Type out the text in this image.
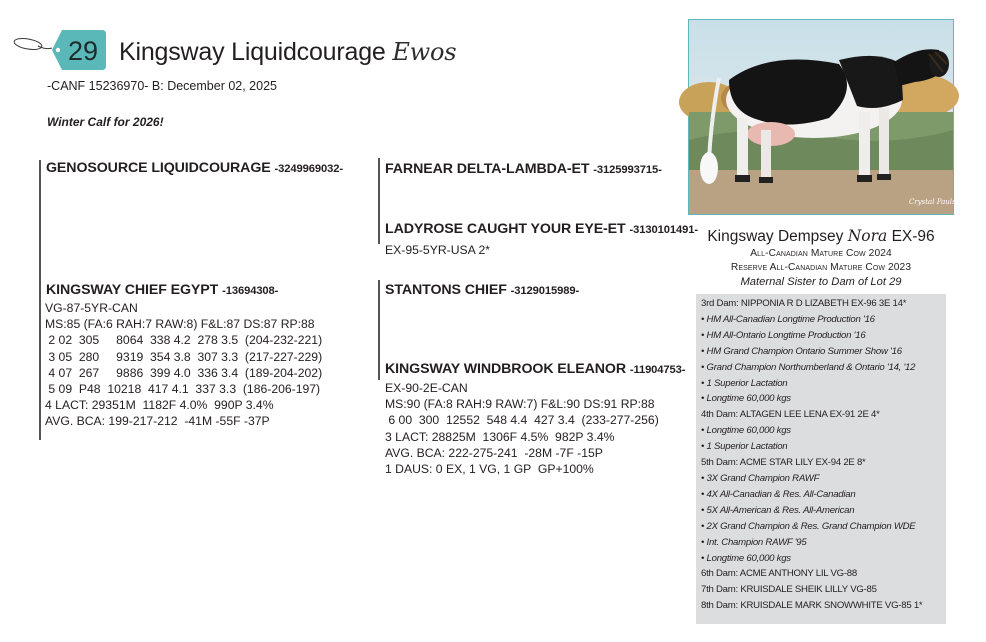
29 Kingsway Liquidcourage Ewos
-CANF 15236970- B: December 02, 2025
Winter Calf for 2026!
GENOSOURCE LIQUIDCOURAGE -3249969032-	FARNEAR DELTA-LAMBDA-ET -3125993715-
LADYROSE CAUGHT YOUR EYE-ET -3130101491-
EX-95-5YR-USA 2*
KINGSWAY CHIEF EGYPT -13694308-
VG-87-5YR-CAN
MS:85 (FA:6 RAH:7 RAW:8) F&L:87 DS:87 RP:88
2 02  305     8064  338 4.2  278 3.5  (204-232-221)
3 05  280     9319  354 3.8  307 3.3  (217-227-229)
4 07  267     9886  399 4.0  336 3.4  (189-204-202)
5 09  P48  10218  417 4.1  337 3.3  (186-206-197)
4 LACT: 29351M  1182F 4.0%  990P 3.4%
AVG. BCA: 199-217-212  -41M -55F -37P
STANTONS CHIEF -3129015989-
KINGSWAY WINDBROOK ELEANOR -11904753-
EX-90-2E-CAN
MS:90 (FA:8 RAH:9 RAW:7) F&L:90 DS:91 RP:88
6 00  300  12552  548 4.4  427 3.4  (233-277-256)
3 LACT: 28825M  1306F 4.5%  982P 3.4%
AVG. BCA: 222-275-241  -28M -7F -15P
1 DAUS: 0 EX, 1 VG, 1 GP  GP+100%
Crystal Paulson
Kingsway Dempsey Nora EX-96
All-Canadian Mature Cow 2024
Reserve All-Canadian Mature Cow 2023
Maternal Sister to Dam of Lot 29
3rd Dam: NIPPONIA R D LIZABETH EX-96 3E 14*
• HM All-Canadian Longtime Production '16
• HM All-Ontario Longtime Production '16
• HM Grand Champion Ontario Summer Show '16
• Grand Champion Northumberland & Ontario '14, '12
• 1 Superior Lactation
• Longtime 60,000 kgs
4th Dam: ALTAGEN LEE LENA EX-91 2E 4*
• Longtime 60,000 kgs
• 1 Superior Lactation
5th Dam: ACME STAR LILY EX-94 2E 8*
• 3X Grand Champion RAWF
• 4X All-Canadian & Res. All-Canadian
• 5X All-American & Res. All-American
• 2X Grand Champion & Res. Grand Champion WDE
• Int. Champion RAWF '95
• Longtime 60,000 kgs
6th Dam: ACME ANTHONY LIL VG-88
7th Dam: KRUISDALE SHEIK LILLY VG-85
8th Dam: KRUISDALE MARK SNOWWHITE VG-85 1*
